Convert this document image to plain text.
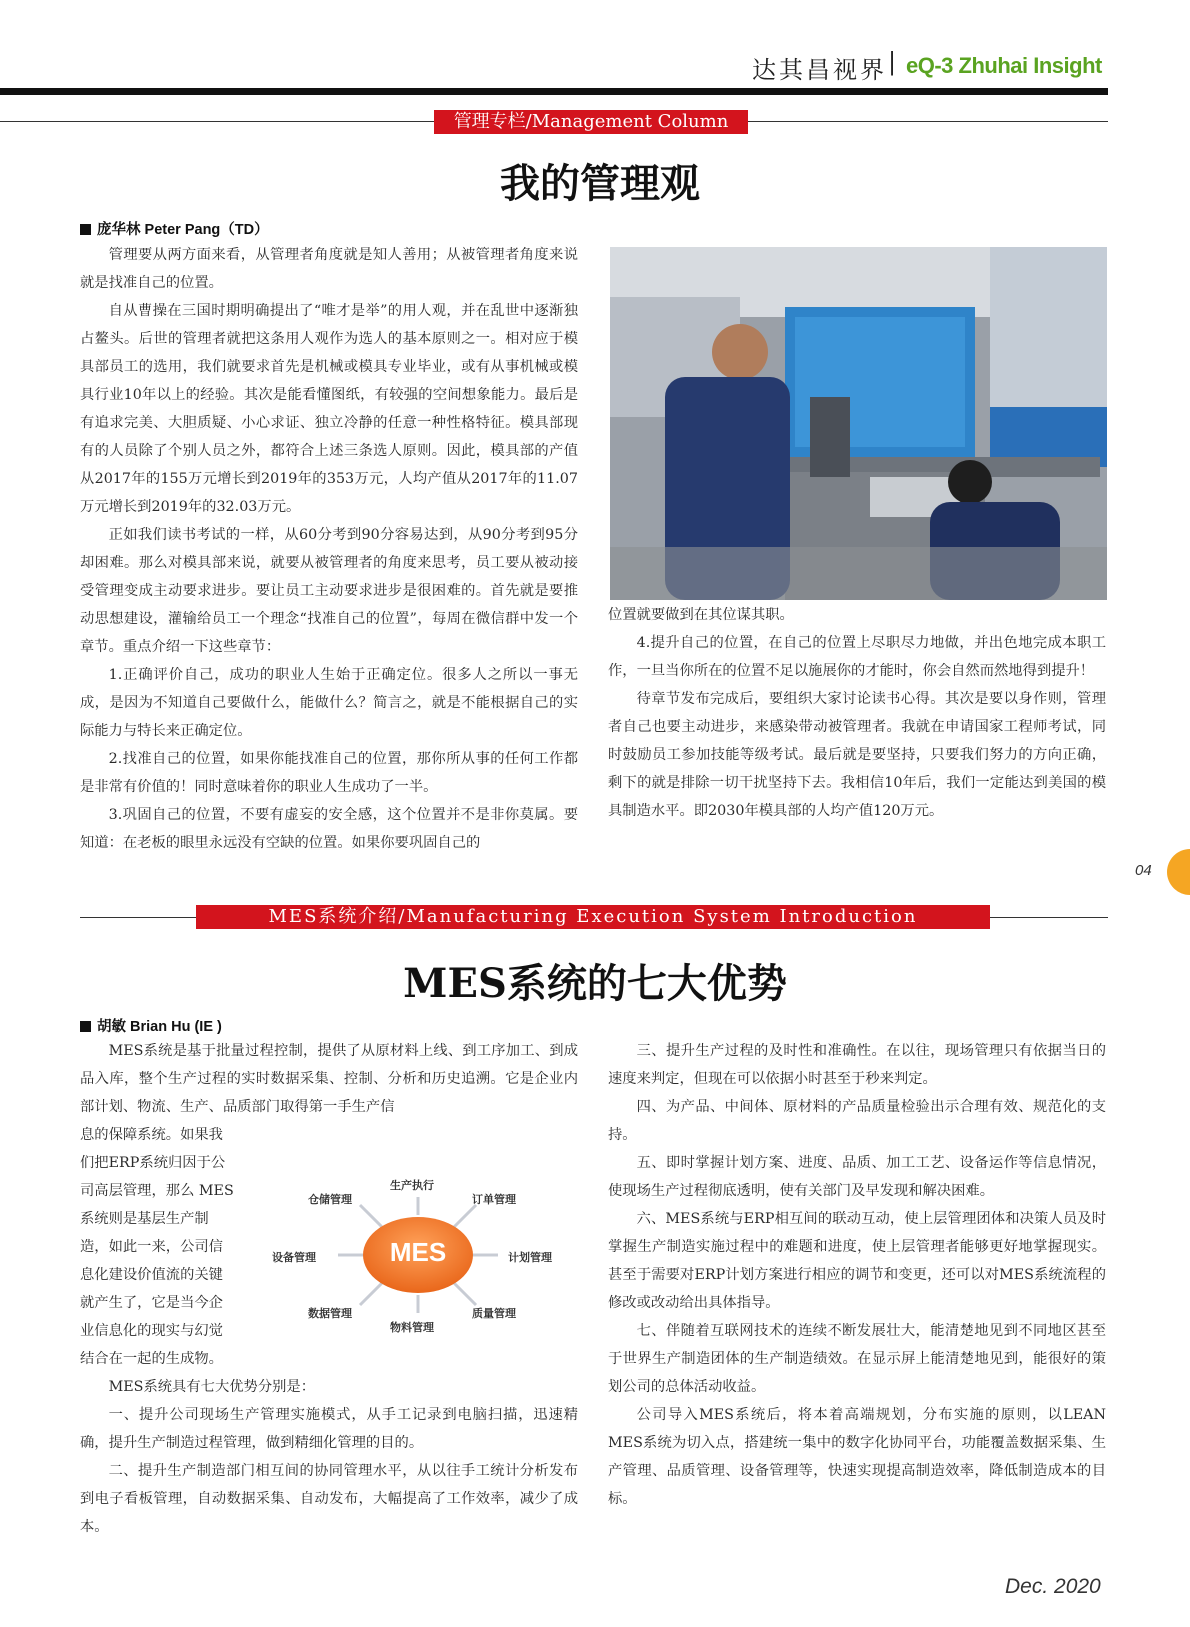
达其昌视界 | eQ-3 Zhuhai Insight
管理专栏/Management Column
我的管理观
庞华林 Peter Pang（TD）

管理要从两方面来看，从管理者角度就是知人善用；从被管理者角度来说就是找准自己的位置。

自从曹操在三国时期明确提出了“唯才是举”的用人观，并在乱世中逐渐独占鳌头。后世的管理者就把这条用人观作为选人的基本原则之一。相对应于模具部员工的选用，我们就要求首先是机械或模具专业毕业，或有从事机械或模具行业10年以上的经验。其次是能看懂图纸，有较强的空间想象能力。最后是有追求完美、大胆质疑、小心求证、独立冷静的任意一种性格特征。模具部现有的人员除了个别人员之外，都符合上述三条选人原则。因此，模具部的产值从2017年的155万元增长到2019年的353万元，人均产值从2017年的11.07万元增长到2019年的32.03万元。

正如我们读书考试的一样，从60分考到90分容易达到，从90分考到95分却困难。那么对模具部来说，就要从被管理者的角度来思考，员工要从被动接受管理变成主动要求进步。要让员工主动要求进步是很困难的。首先就是要推动思想建设，灌输给员工一个理念“找准自己的位置”，每周在微信群中发一个章节。重点介绍一下这些章节：

1.正确评价自己，成功的职业人生始于正确定位。很多人之所以一事无成，是因为不知道自己要做什么，能做什么？简言之，就是不能根据自己的实际能力与特长来正确定位。

2.找准自己的位置，如果你能找准自己的位置，那你所从事的任何工作都是非常有价值的！同时意味着你的职业人生成功了一半。

3.巩固自己的位置，不要有虚妄的安全感，这个位置并不是非你莫属。要知道：在老板的眼里永远没有空缺的位置。如果你要巩固自己的

位置就要做到在其位谋其职。

4.提升自己的位置，在自己的位置上尽职尽力地做，并出色地完成本职工作，一旦当你所在的位置不足以施展你的才能时，你会自然而然地得到提升！

待章节发布完成后，要组织大家讨论读书心得。其次是要以身作则，管理者自己也要主动进步，来感染带动被管理者。我就在申请国家工程师考试，同时鼓励员工参加技能等级考试。最后就是要坚持，只要我们努力的方向正确，剩下的就是排除一切干扰坚持下去。我相信10年后，我们一定能达到美国的模具制造水平。即2030年模具部的人均产值120万元。

04
MES系统介绍/Manufacturing Execution System Introduction
MES系统的七大优势
胡敏 Brian Hu (IE )

MES系统是基于批量过程控制，提供了从原材料上线、到工序加工、到成品入库，整个生产过程的实时数据采集、控制、分析和历史追溯。它是企业内部计划、物流、生产、品质部门取得第一手生产信

息的保障系统。如果我

们把ERP系统归因于公

司高层管理，那么 MES

系统则是基层生产制

造，如此一来，公司信

息化建设价值流的关键

就产生了，它是当今企

业信息化的现实与幻觉

结合在一起的生成物。

MES
生产执行
订单管理
计划管理
质量管理
物料管理
数据管理
设备管理
仓储管理

MES系统具有七大优势分别是：

一、提升公司现场生产管理实施模式，从手工记录到电脑扫描，迅速精确，提升生产制造过程管理，做到精细化管理的目的。

二、提升生产制造部门相互间的协同管理水平，从以往手工统计分析发布到电子看板管理，自动数据采集、自动发布，大幅提高了工作效率，减少了成本。

三、提升生产过程的及时性和准确性。在以往，现场管理只有依据当日的速度来判定，但现在可以依据小时甚至于秒来判定。

四、为产品、中间体、原材料的产品质量检验出示合理有效、规范化的支持。

五、即时掌握计划方案、进度、品质、加工工艺、设备运作等信息情况，使现场生产过程彻底透明，使有关部门及早发现和解决困难。

六、MES系统与ERP相互间的联动互动，使上层管理团体和决策人员及时掌握生产制造实施过程中的难题和进度，使上层管理者能够更好地掌握现实。甚至于需要对ERP计划方案进行相应的调节和变更，还可以对MES系统流程的修改或改动给出具体指导。

七、伴随着互联网技术的连续不断发展壮大，能清楚地见到不同地区甚至于世界生产制造团体的生产制造绩效。在显示屏上能清楚地见到，能很好的策划公司的总体活动收益。

公司导入MES系统后，将本着高端规划，分布实施的原则，以LEAN MES系统为切入点，搭建统一集中的数字化协同平台，功能覆盖数据采集、生产管理、品质管理、设备管理等，快速实现提高制造效率，降低制造成本的目标。

Dec. 2020
